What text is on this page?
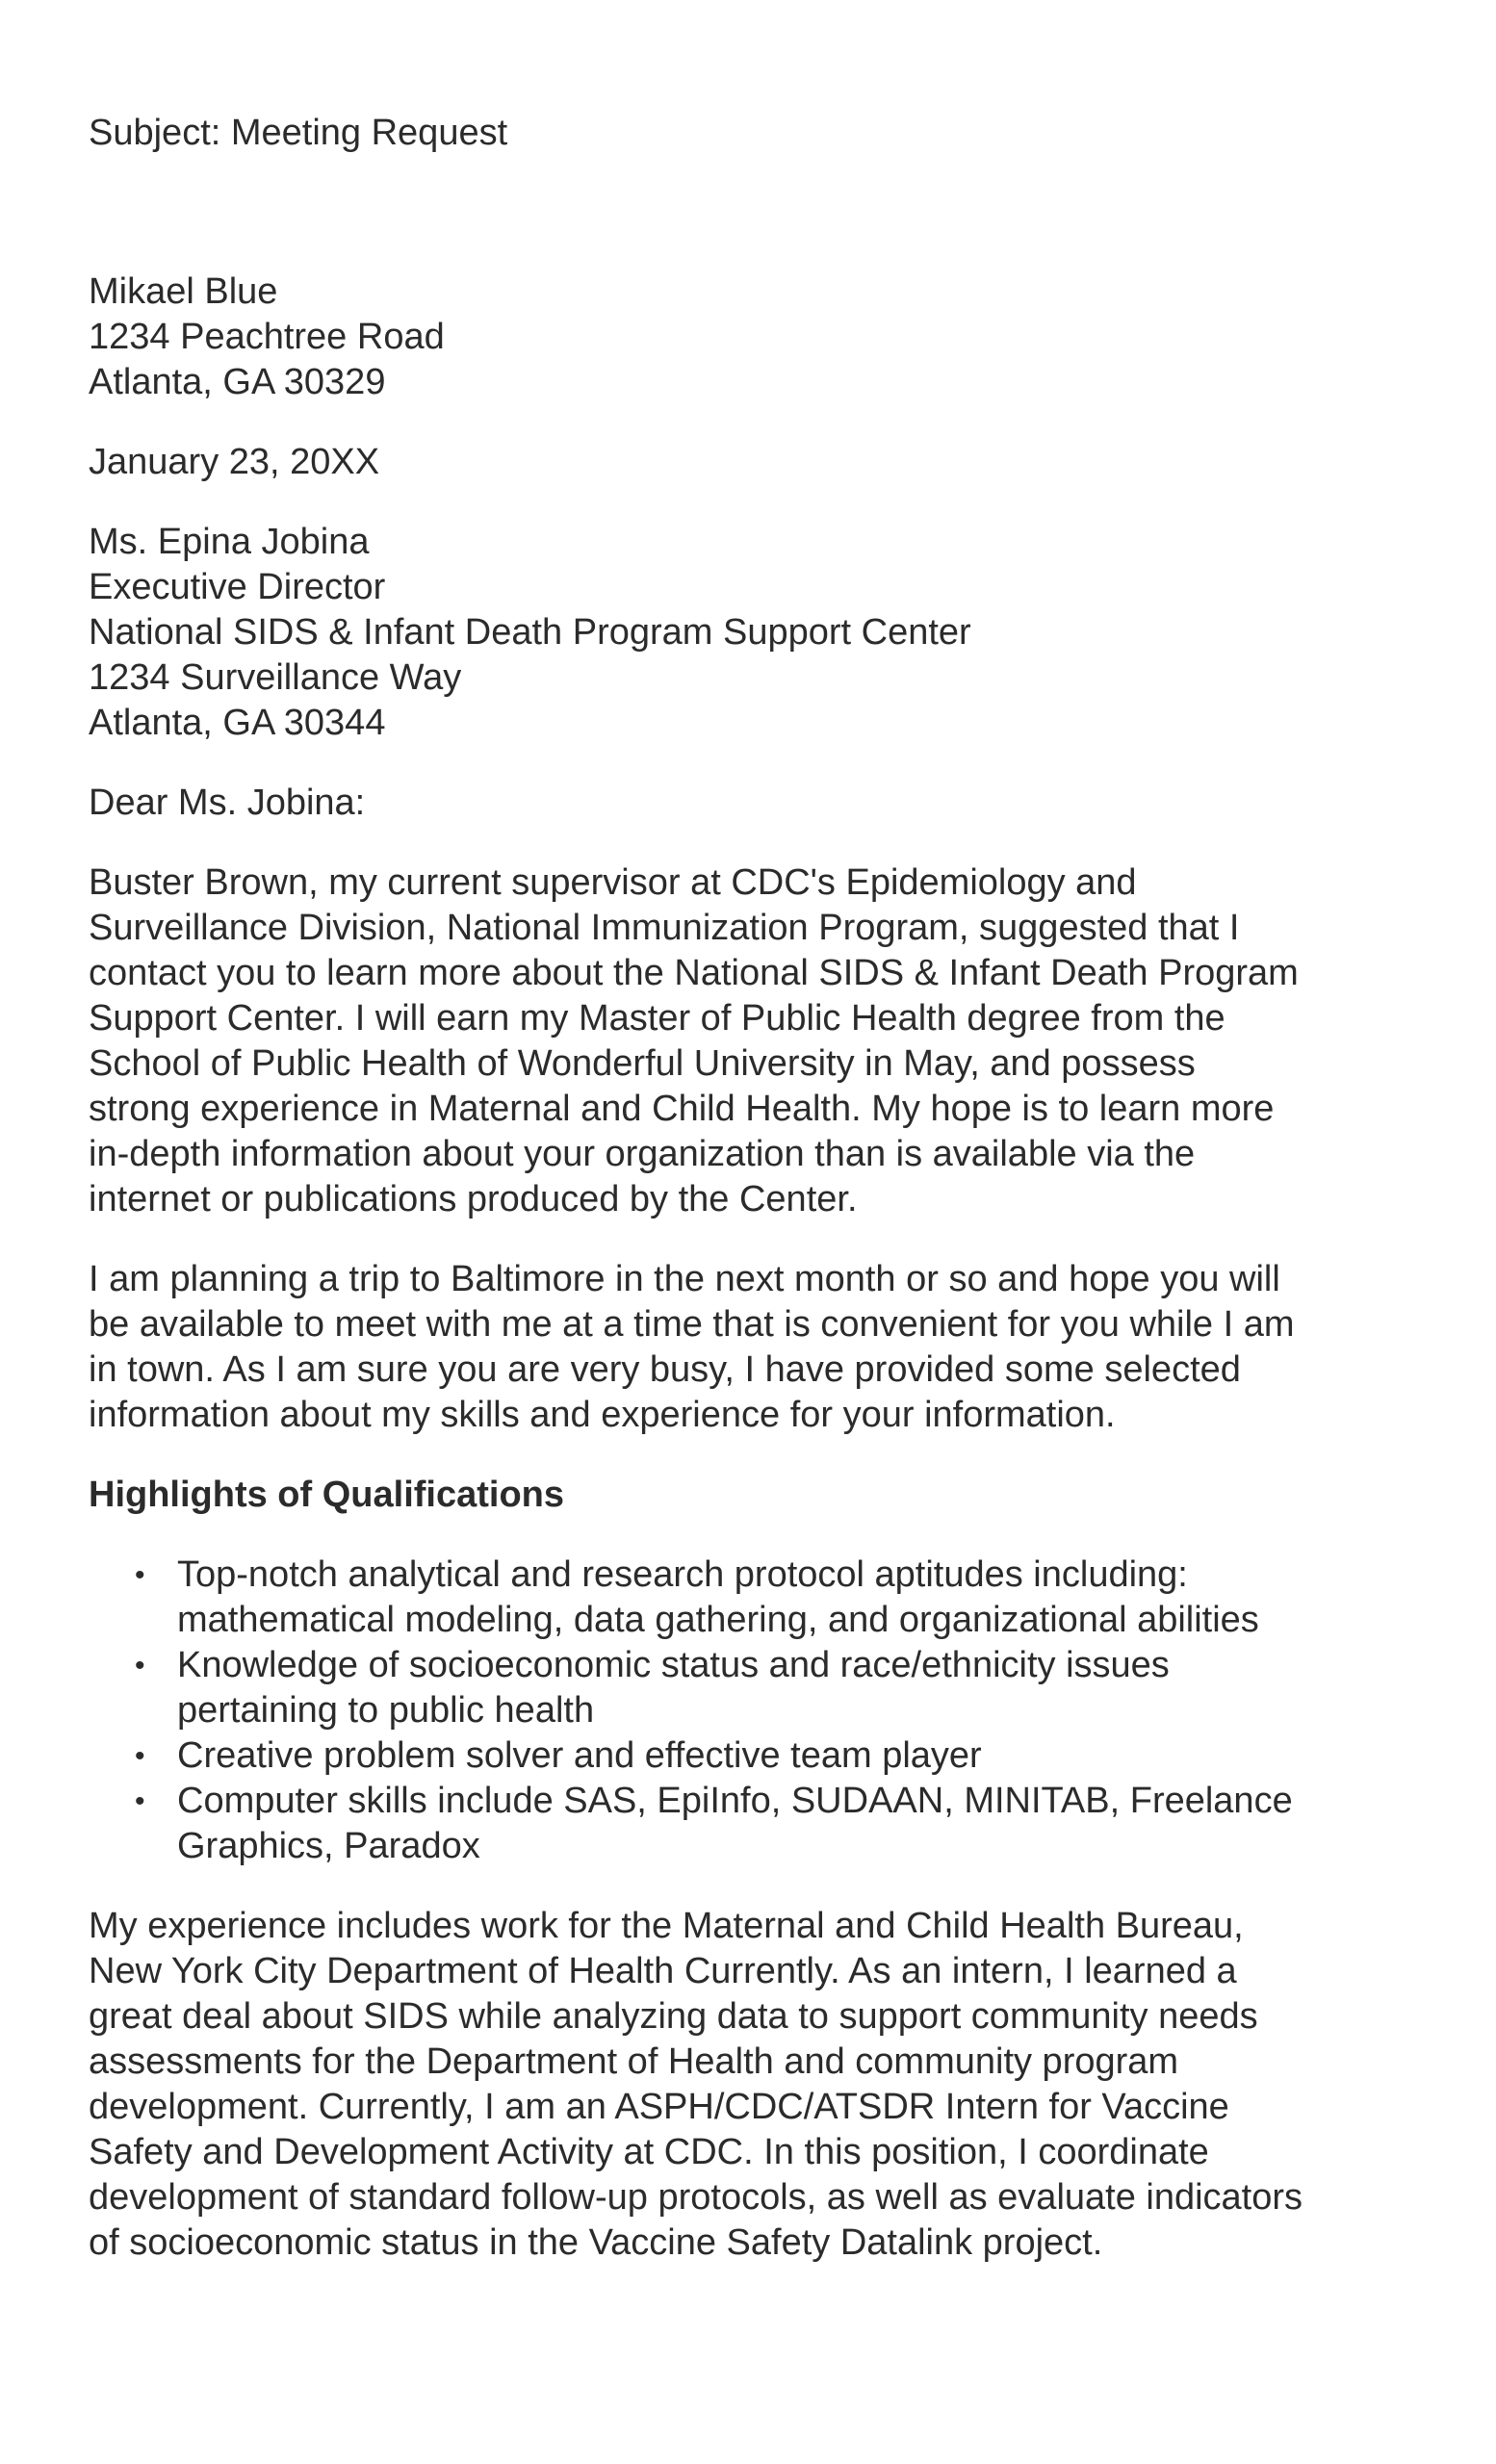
Subject: Meeting Request

Mikael Blue
1234 Peachtree Road
Atlanta, GA 30329

January 23, 20XX

Ms. Epina Jobina
Executive Director
National SIDS & Infant Death Program Support Center
1234 Surveillance Way
Atlanta, GA 30344

Dear Ms. Jobina:

Buster Brown, my current supervisor at CDC's Epidemiology and
Surveillance Division, National Immunization Program, suggested that I
contact you to learn more about the National SIDS & Infant Death Program
Support Center. I will earn my Master of Public Health degree from the
School of Public Health of Wonderful University in May, and possess
strong experience in Maternal and Child Health. My hope is to learn more
in-depth information about your organization than is available via the
internet or publications produced by the Center.

I am planning a trip to Baltimore in the next month or so and hope you will
be available to meet with me at a time that is convenient for you while I am
in town. As I am sure you are very busy, I have provided some selected
information about my skills and experience for your information.

Highlights of Qualifications

• Top-notch analytical and research protocol aptitudes including:
mathematical modeling, data gathering, and organizational abilities
• Knowledge of socioeconomic status and race/ethnicity issues
pertaining to public health
• Creative problem solver and effective team player
• Computer skills include SAS, EpiInfo, SUDAAN, MINITAB, Freelance
Graphics, Paradox

My experience includes work for the Maternal and Child Health Bureau,
New York City Department of Health Currently. As an intern, I learned a
great deal about SIDS while analyzing data to support community needs
assessments for the Department of Health and community program
development. Currently, I am an ASPH/CDC/ATSDR Intern for Vaccine
Safety and Development Activity at CDC. In this position, I coordinate
development of standard follow-up protocols, as well as evaluate indicators
of socioeconomic status in the Vaccine Safety Datalink project.
